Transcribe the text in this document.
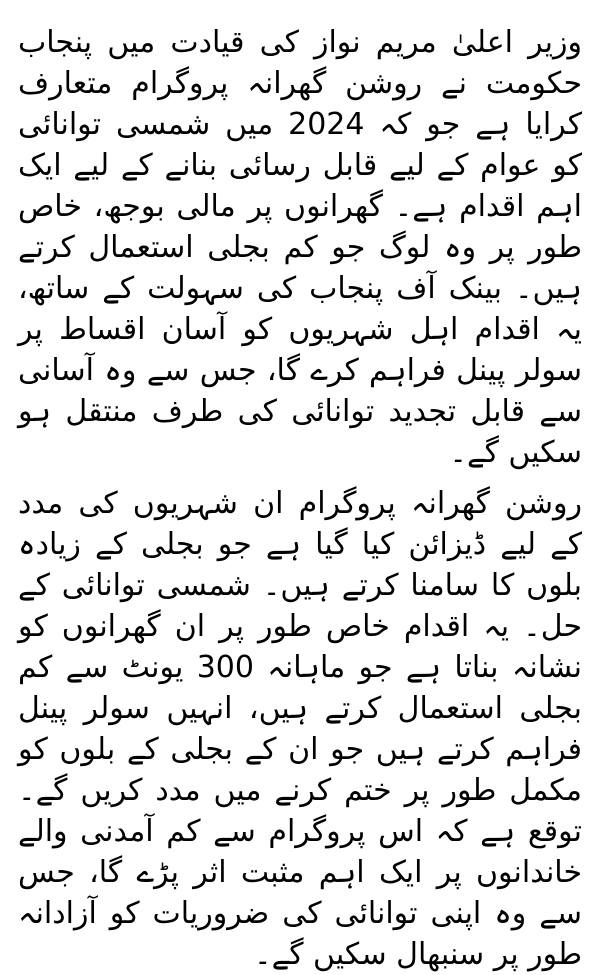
وزیر اعلیٰ مریم نواز کی قیادت میں پنجاب حکومت نے روشن گھرانہ پروگرام متعارف کرایا ہے جو کہ 2024 میں شمسی توانائی کو عوام کے لیے قابل رسائی بنانے کے لیے ایک اہم اقدام ہے۔ گھرانوں پر مالی بوجھ، خاص طور پر وہ لوگ جو کم بجلی استعمال کرتے ہیں۔ بینک آف پنجاب کی سہولت کے ساتھ، یہ اقدام اہل شہریوں کو آسان اقساط پر سولر پینل فراہم کرے گا، جس سے وہ آسانی سے قابل تجدید توانائی کی طرف منتقل ہو سکیں گے۔

روشن گھرانہ پروگرام ان شہریوں کی مدد کے لیے ڈیزائن کیا گیا ہے جو بجلی کے زیادہ بلوں کا سامنا کرتے ہیں۔ شمسی توانائی کے حل۔ یہ اقدام خاص طور پر ان گھرانوں کو نشانہ بناتا ہے جو ماہانہ 300 یونٹ سے کم بجلی استعمال کرتے ہیں، انہیں سولر پینل فراہم کرتے ہیں جو ان کے بجلی کے بلوں کو مکمل طور پر ختم کرنے میں مدد کریں گے۔ توقع ہے کہ اس پروگرام سے کم آمدنی والے خاندانوں پر ایک اہم مثبت اثر پڑے گا، جس سے وہ اپنی توانائی کی ضروریات کو آزادانہ طور پر سنبھال سکیں گے۔
